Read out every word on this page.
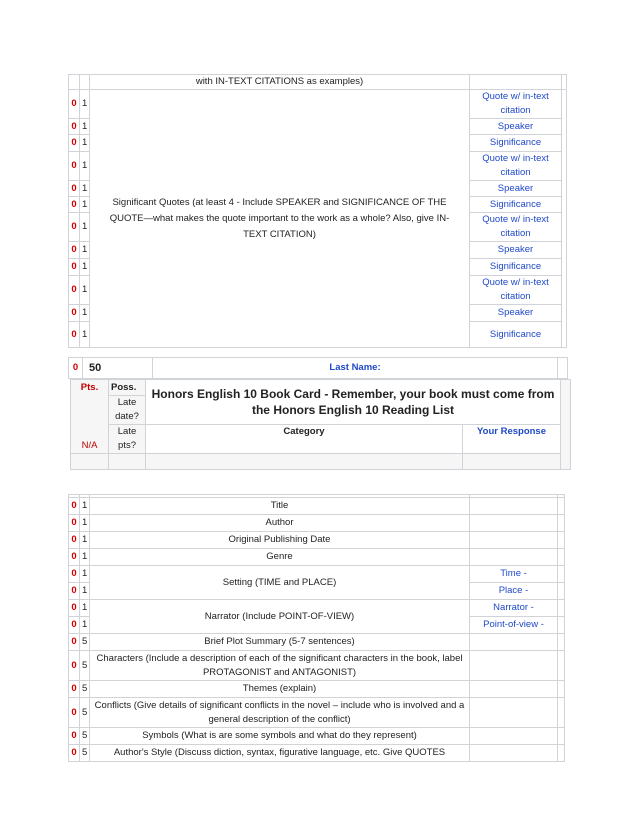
		with IN-TEXT CITATIONS as examples)		
0	1	Significant Quotes (at least 4 - Include SPEAKER and SIGNIFICANCE OF THE QUOTE—what makes the quote important to the work as a whole? Also, give IN-TEXT CITATION)	Quote w/ in-text citation	
0	1		Speaker	
0	1		Significance	
0	1		Quote w/ in-text citation	
0	1		Speaker	
0	1		Significance	
0	1		Quote w/ in-text citation	
0	1		Speaker	
0	1		Significance	
0	1		Quote w/ in-text citation	
0	1		Speaker	
0	1		Significance	
0	50	Last Name:	
Pts.	Poss.	Honors English 10 Book Card - Remember, your book must come from the Honors English 10 Reading List		
	Late date?			
N/A	Late pts?	Category	Your Response	

0	1	Title		
0	1	Author		
0	1	Original Publishing Date		
0	1	Genre		
0	1	Setting (TIME and PLACE)	Time -	
0	1		Place -	
0	1	Narrator (Include POINT-OF-VIEW)	Narrator -	
0	1		Point-of-view -	
0	5	Brief Plot Summary (5-7 sentences)		
0	5	Characters (Include a description of each of the significant characters in the book, label PROTAGONIST and ANTAGONIST)		
0	5	Themes (explain)		
0	5	Conflicts (Give details of significant conflicts in the novel – include who is involved and a general description of the conflict)		
0	5	Symbols (What is are some symbols and what do they represent)		
0	5	Author's Style (Discuss diction, syntax, figurative language, etc. Give QUOTES		
